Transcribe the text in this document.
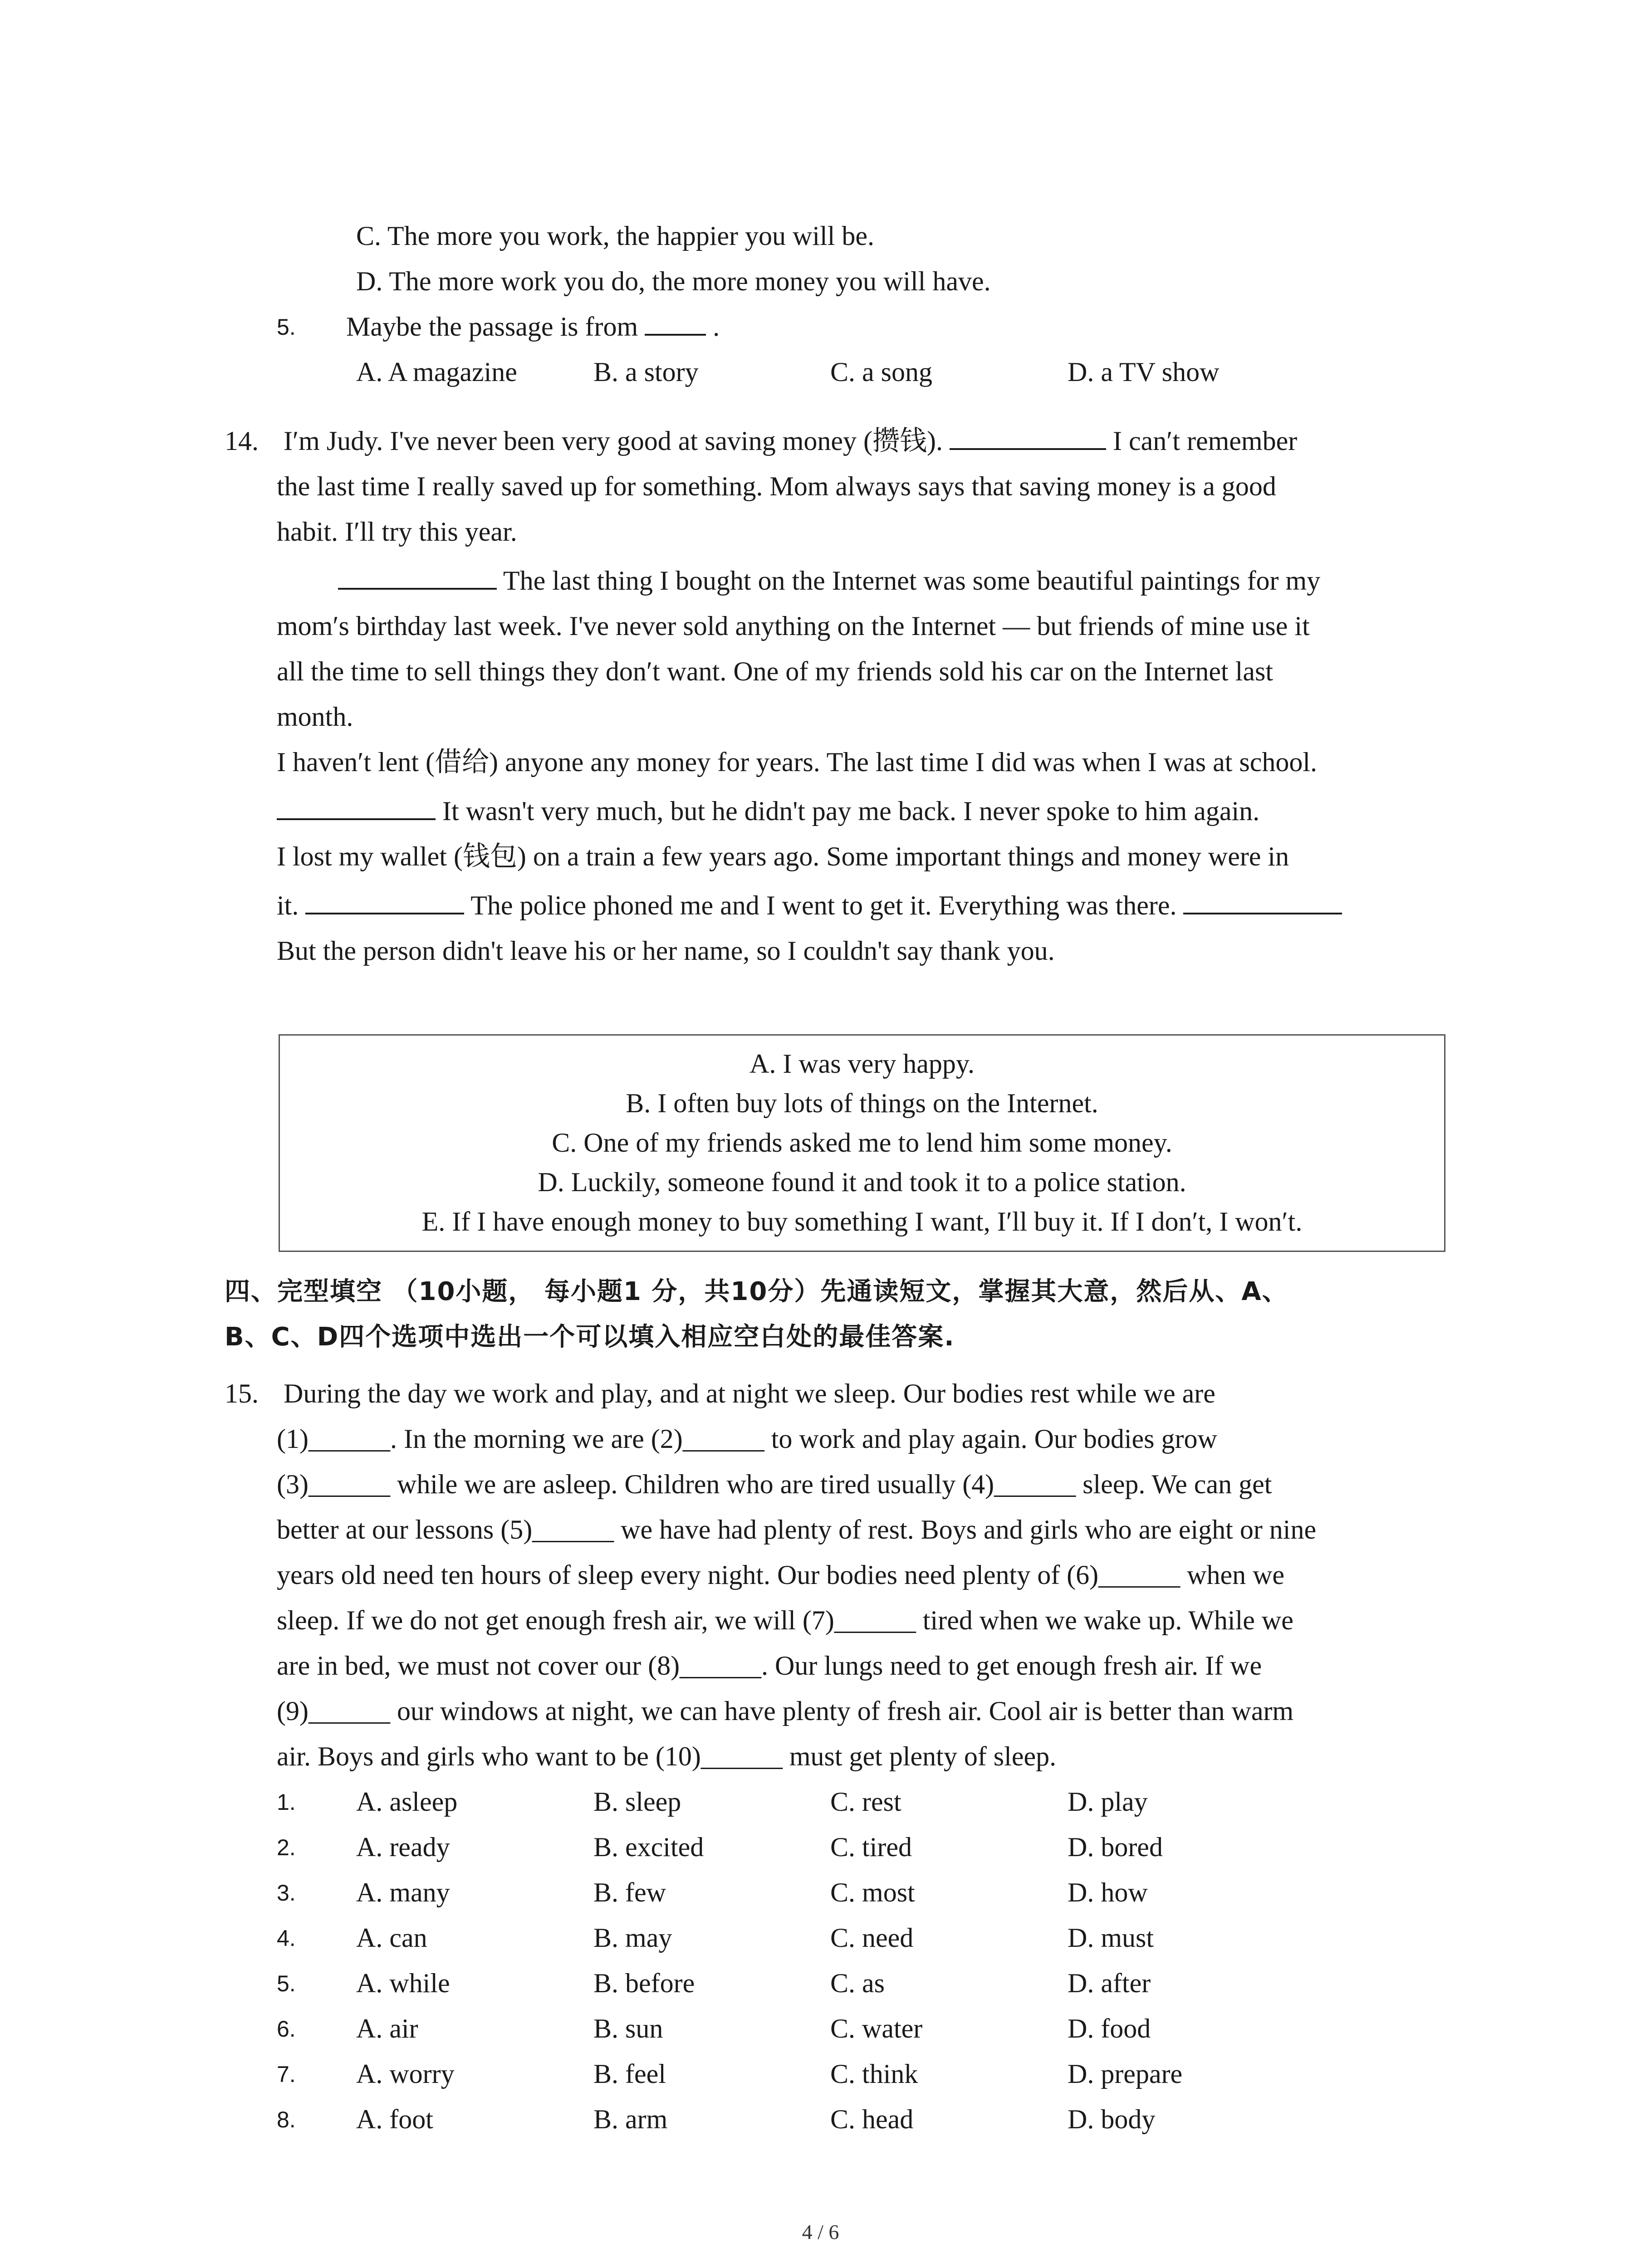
C. The more you work, the happier you will be.
D. The more work you do, the more money you will have.
5. Maybe the passage is from  .
A. A magazine	B. a story	C. a song	D. a TV show
14. I′m Judy. I've never been very good at saving money (攒钱).	I can′t remember
the last time I really saved up for something. Mom always says that saving money is a good
habit. I′ll try this year.
The last thing I bought on the Internet was some beautiful paintings for my
mom′s birthday last week. I've never sold anything on the Internet — but friends of mine use it
all the time to sell things they don′t want. One of my friends sold his car on the Internet last
month.
I haven′t lent (借给) anyone any money for years. The last time I did was when I was at school.
It wasn't very much, but he didn't pay me back. I never spoke to him again.
I lost my wallet (钱包) on a train a few years ago. Some important things and money were in
it.	The police phoned me and I went to get it. Everything was there.
But the person didn't leave his or her name, so I couldn't say thank you.
A. I was very happy.
B. I often buy lots of things on the Internet.
C. One of my friends asked me to lend him some money.
D. Luckily, someone found it and took it to a police station.
E. If I have enough money to buy something I want, I′ll buy it. If I don′t, I won′t.
四、完型填空 （10小题， 每小题1 分，共10分）先通读短文，掌握其大意，然后从、A、
B、C、D四个选项中选出一个可以填入相应空白处的最佳答案.
15. During the day we work and play, and at night we sleep. Our bodies rest while we are
(1)______. In the morning we are (2)______ to work and play again. Our bodies grow
(3)______ while we are asleep. Children who are tired usually (4)______ sleep. We can get
better at our lessons (5)______ we have had plenty of rest. Boys and girls who are eight or nine
years old need ten hours of sleep every night. Our bodies need plenty of (6)______ when we
sleep. If we do not get enough fresh air, we will (7)______ tired when we wake up. While we
are in bed, we must not cover our (8)______. Our lungs need to get enough fresh air. If we
(9)______ our windows at night, we can have plenty of fresh air. Cool air is better than warm
air. Boys and girls who want to be (10)______ must get plenty of sleep.
1. A. asleep	B. sleep	C. rest	D. play
2. A. ready	B. excited	C. tired	D. bored
3. A. many	B. few	C. most	D. how
4. A. can	B. may	C. need	D. must
5. A. while	B. before	C. as	D. after
6. A. air	B. sun	C. water	D. food
7. A. worry	B. feel	C. think	D. prepare
8. A. foot	B. arm	C. head	D. body
4 / 6
